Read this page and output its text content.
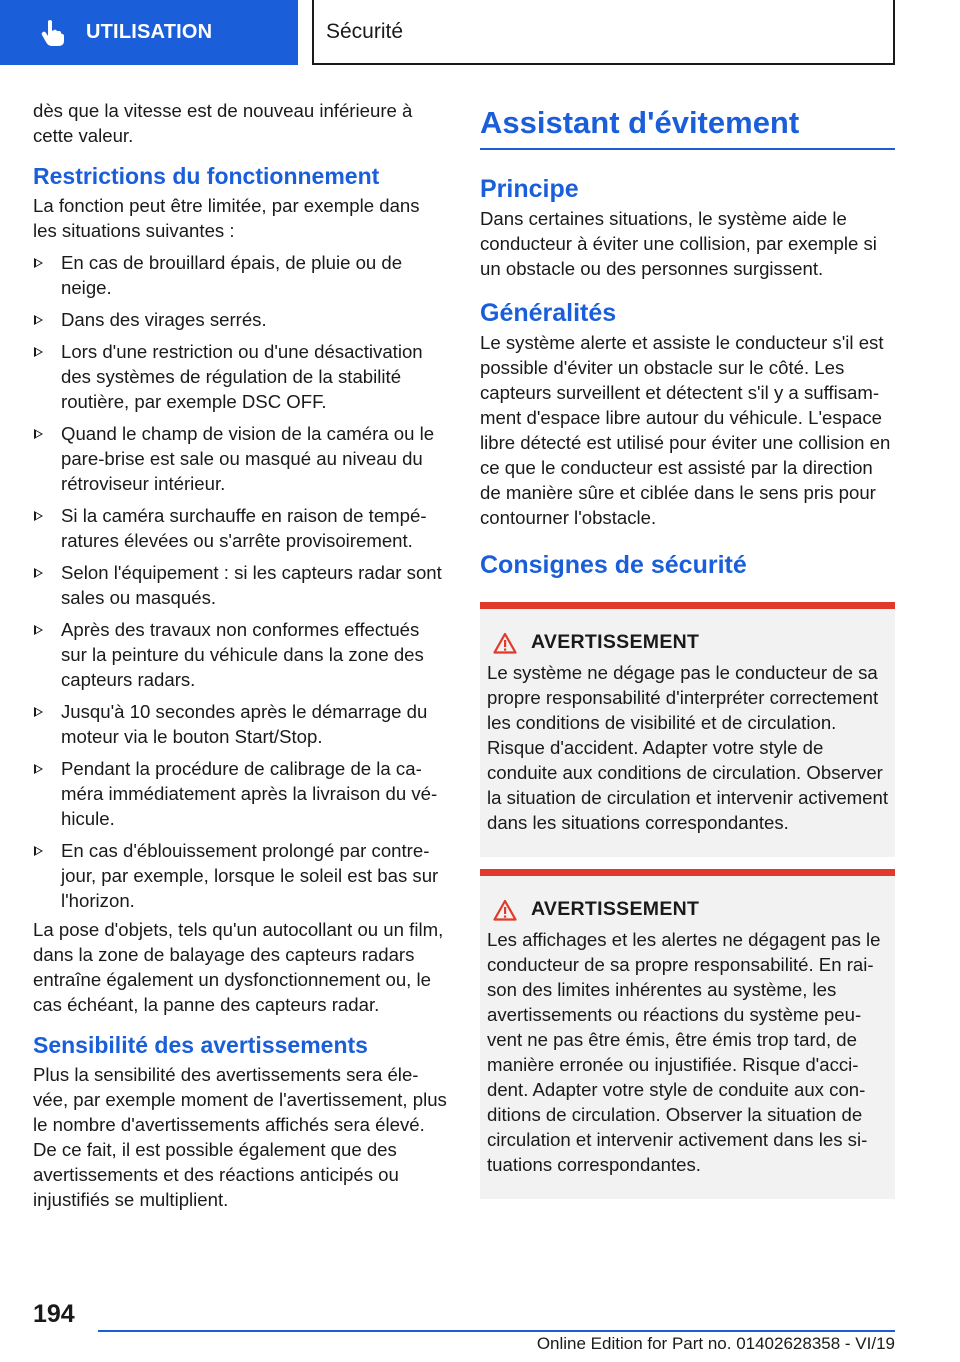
UTILISATION	Sécurité

dès que la vitesse est de nouveau inférieure à cette valeur.

Restrictions du fonctionnement

La fonction peut être limitée, par exemple dans les situations suivantes :

En cas de brouillard épais, de pluie ou de neige.
Dans des virages serrés.
Lors d'une restriction ou d'une désactivation des systèmes de régulation de la stabilité routière, par exemple DSC OFF.
Quand le champ de vision de la caméra ou le pare-brise est sale ou masqué au niveau du rétroviseur intérieur.
Si la caméra surchauffe en raison de températures élevées ou s'arrête provisoirement.
Selon l'équipement : si les capteurs radar sont sales ou masqués.
Après des travaux non conformes effectués sur la peinture du véhicule dans la zone des capteurs radars.
Jusqu'à 10 secondes après le démarrage du moteur via le bouton Start/Stop.
Pendant la procédure de calibrage de la caméra immédiatement après la livraison du véhicule.
En cas d'éblouissement prolongé par contre-jour, par exemple, lorsque le soleil est bas sur l'horizon.

La pose d'objets, tels qu'un autocollant ou un film, dans la zone de balayage des capteurs radars entraîne également un dysfonctionnement ou, le cas échéant, la panne des capteurs radar.

Sensibilité des avertissements

Plus la sensibilité des avertissements sera élevée, par exemple moment de l'avertissement, plus le nombre d'avertissements affichés sera élevé. De ce fait, il est possible également que des avertissements et des réactions anticipés ou injustifiés se multiplient.

Assistant d'évitement
Principe

Dans certaines situations, le système aide le conducteur à éviter une collision, par exemple si un obstacle ou des personnes surgissent.

Généralités

Le système alerte et assiste le conducteur s'il est possible d'éviter un obstacle sur le côté. Les capteurs surveillent et détectent s'il y a suffisamment d'espace libre autour du véhicule. L'espace libre détecté est utilisé pour éviter une collision en ce que le conducteur est assisté par la direction de manière sûre et ciblée dans le sens pris pour contourner l'obstacle.

Consignes de sécurité
AVERTISSEMENT

Le système ne dégage pas le conducteur de sa propre responsabilité d'interpréter correctement les conditions de visibilité et de circulation. Risque d'accident. Adapter votre style de conduite aux conditions de circulation. Observer la situation de circulation et intervenir activement dans les situations correspondantes.

AVERTISSEMENT

Les affichages et les alertes ne dégagent pas le conducteur de sa propre responsabilité. En raison des limites inhérentes au système, les avertissements ou réactions du système peuvent ne pas être émis, être émis trop tard, de manière erronée ou injustifiée. Risque d'accident. Adapter votre style de conduite aux conditions de circulation. Observer la situation de circulation et intervenir activement dans les situations correspondantes.

194
Online Edition for Part no. 01402628358 - VI/19
